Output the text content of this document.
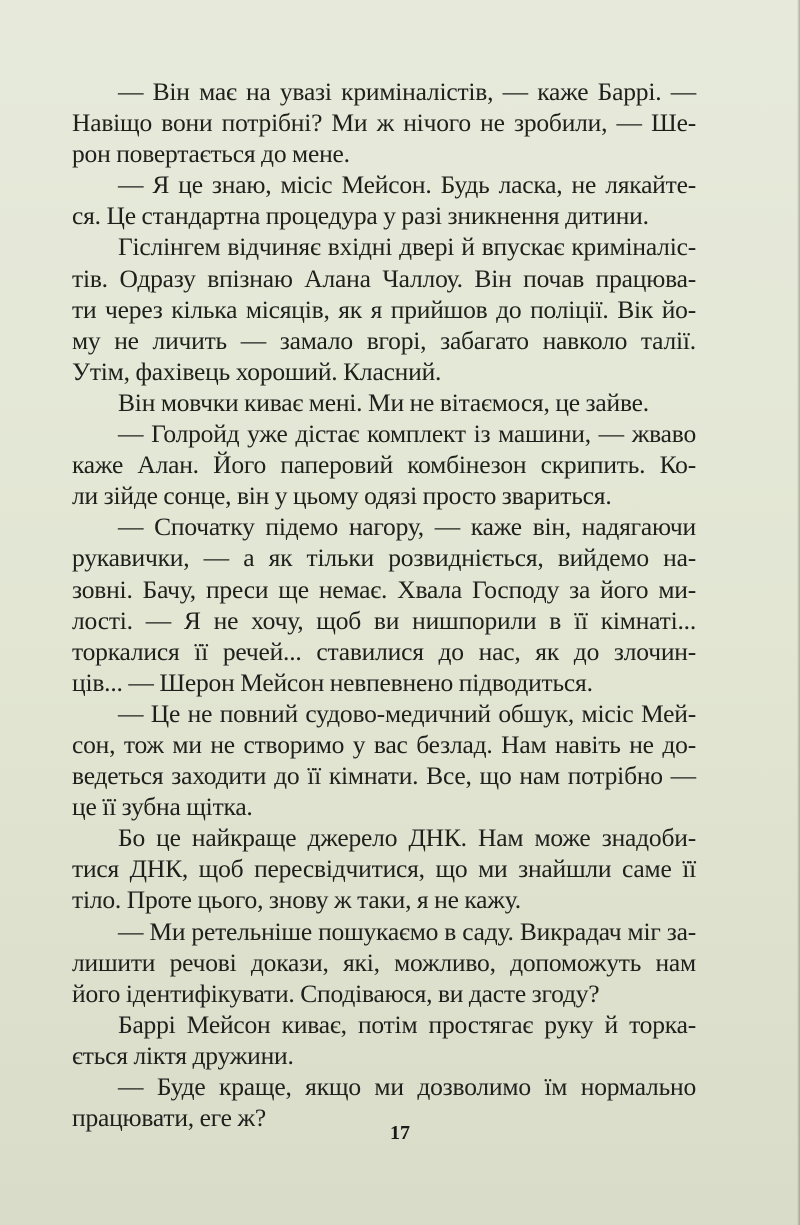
— Він має на увазі криміналістів, — каже Баррі. —
Навіщо вони потрібні? Ми ж нічого не зробили, — Ше-
рон повертається до мене.
— Я це знаю, місіс Мейсон. Будь ласка, не лякайте-
ся. Це стандартна процедура у разі зникнення дитини.
Гіслінгем відчиняє вхідні двері й впускає криміналіс-
тів. Одразу впізнаю Алана Чаллоу. Він почав працюва-
ти через кілька місяців, як я прийшов до поліції. Вік йо-
му не личить — замало вгорі, забагато навколо талії.
Утім, фахівець хороший. Класний.
Він мовчки киває мені. Ми не вітаємося, це зайве.
— Голройд уже дістає комплект із машини, — жваво
каже Алан. Його паперовий комбінезон скрипить. Ко-
ли зійде сонце, він у цьому одязі просто звариться.
— Спочатку підемо нагору, — каже він, надягаючи
рукавички, — а як тільки розвидніється, вийдемо на-
зовні. Бачу, преси ще немає. Хвала Господу за його ми-
лості. — Я не хочу, щоб ви нишпорили в її кімнаті...
торкалися її речей... ставилися до нас, як до злочин-
ців... — Шерон Мейсон невпевнено підводиться.
— Це не повний судово-медичний обшук, місіс Мей-
сон, тож ми не створимо у вас безлад. Нам навіть не до-
ведеться заходити до її кімнати. Все, що нам потрібно —
це її зубна щітка.
Бо це найкраще джерело ДНК. Нам може знадоби-
тися ДНК, щоб пересвідчитися, що ми знайшли саме її
тіло. Проте цього, знову ж таки, я не кажу.
— Ми ретельніше пошукаємо в саду. Викрадач міг за-
лишити речові докази, які, можливо, допоможуть нам
його ідентифікувати. Сподіваюся, ви дасте згоду?
Баррі Мейсон киває, потім простягає руку й торка-
ється ліктя дружини.
— Буде краще, якщо ми дозволимо їм нормально
працювати, еге ж?
17
